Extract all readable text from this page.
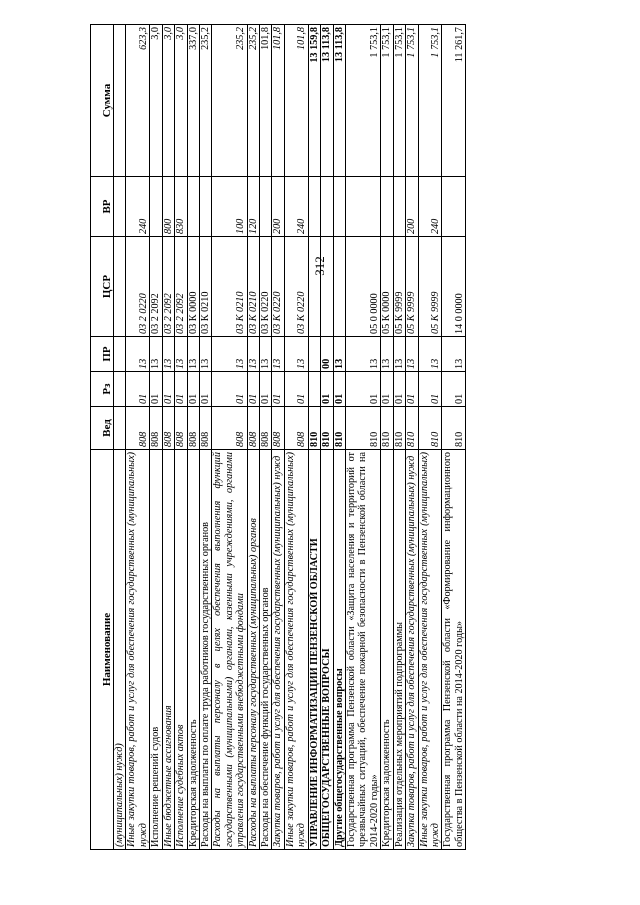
312
Наименование	Вед	Рз	ПР	ЦСР	ВР	Сумма
(муниципальных) нужд)						
Иные закупки товаров, работ и услуг для обеспечения государственных (муниципальных) нужд	808	01	13	03 2 0220	240	623,3
Исполнение решений судов	808	01	13	03 2 2092		3,0
Иные бюджетные ассигнования	808	01	13	03 2 2092	800	3,0
Исполнение судебных актов	808	01	13	03 2 2092	830	3,0
Кредиторская задолженность	808	01	13	03 К 0000		337,0
Расходы на выплаты по оплате труда работников государственных органов	808	01	13	03 К 0210		235,2
Расходы на выплаты персоналу в целях обеспечения выполнения функций государственными (муниципальными) органами, казенными учреждениями, органами управления государственными внебюджетными фондами	808	01	13	03 К 0210	100	235,2
Расходы на выплаты персоналу государственных (муниципальных) органов	808	01	13	03 К 0210	120	235,2
Расходы на обеспечение функций государственных органов	808	01	13	03 К 0220		101,8
Закупка товаров, работ и услуг для обеспечения государственных (муниципальных) нужд	808	01	13	03 К 0220	200	101,8
Иные закупки товаров, работ и услуг для обеспечения государственных (муниципальных) нужд	808	01	13	03 К 0220	240	101,8
УПРАВЛЕНИЕ ИНФОРМАТИЗАЦИИ ПЕНЗЕНСКОЙ ОБЛАСТИ	810					13 159,8
ОБЩЕГОСУДАРСТВЕННЫЕ ВОПРОСЫ	810	01	00			13 113,8
Другие общегосударственные вопросы	810	01	13			13 113,8
Государственная программа Пензенской области «Защита населения и территорий от чрезвычайных ситуаций, обеспечение пожарной безопасности в Пензенской области на 2014-2020 годы»	810	01	13	05 0 0000		1 753,1
Кредиторская задолженность	810	01	13	05 К 0000		1 753,1
Реализация отдельных мероприятий подпрограммы	810	01	13	05 К 9999		1 753,1
Закупка товаров, работ и услуг для обеспечения государственных (муниципальных) нужд	810	01	13	05 К 9999	200	1 753,1
Иные закупки товаров, работ и услуг для обеспечения государственных (муниципальных) нужд	810	01	13	05 К 9999	240	1 753,1
Государственная программа Пензенской области «Формирование информационного общества в Пензенской области на 2014-2020 годы»	810	01	13	14 0 0000		11 261,7
